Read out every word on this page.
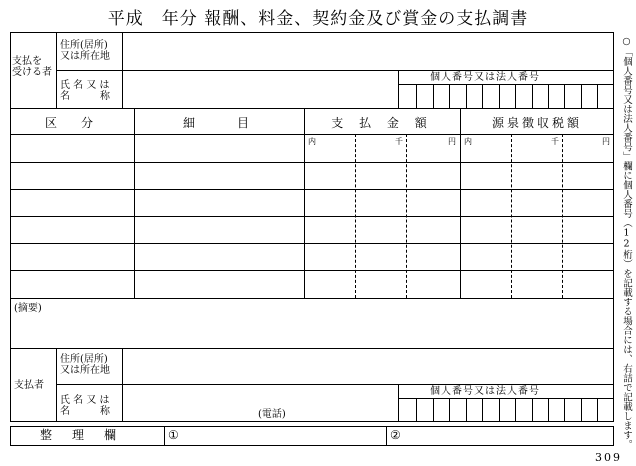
平成　年分 報酬、料金、契約金及び賞金の支払調書
○「個人番号又は法人番号」欄に個人番号（12桁）を記載する場合には、右詰で記載します。
支払を
受ける者
住所(居所)
又は所在地
氏 名 又 は
名　　　称
個人番号又は法人番号
区　分	細　　目	支 払 金 額	源泉徴収税額
内	千	円 内	千	円
(摘要)
支払者
住所(居所)
又は所在地
氏 名 又 は
名　　　称	(電話)
個人番号又は法人番号
整　理　欄	①	②
309
